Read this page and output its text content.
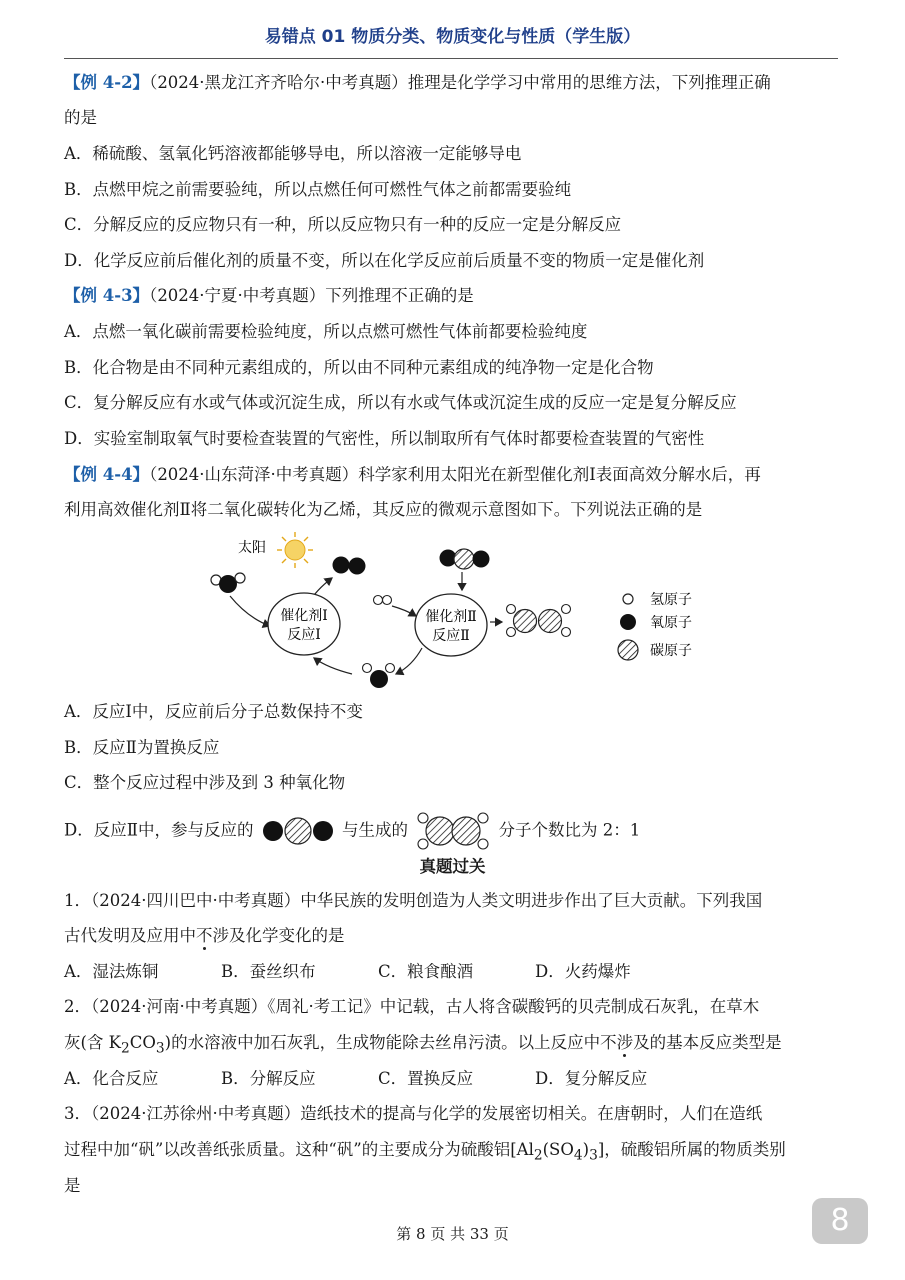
易错点 01 物质分类、物质变化与性质（学生版）
【例 4-2】（2024·黑龙江齐齐哈尔·中考真题）推理是化学学习中常用的思维方法，下列推理正确
的是
A．稀硫酸、氢氧化钙溶液都能够导电，所以溶液一定能够导电
B．点燃甲烷之前需要验纯，所以点燃任何可燃性气体之前都需要验纯
C．分解反应的反应物只有一种，所以反应物只有一种的反应一定是分解反应
D．化学反应前后催化剂的质量不变，所以在化学反应前后质量不变的物质一定是催化剂
【例 4-3】（2024·宁夏·中考真题）下列推理不正确的是
A．点燃一氧化碳前需要检验纯度，所以点燃可燃性气体前都要检验纯度
B．化合物是由不同种元素组成的，所以由不同种元素组成的纯净物一定是化合物
C．复分解反应有水或气体或沉淀生成，所以有水或气体或沉淀生成的反应一定是复分解反应
D．实验室制取氧气时要检查装置的气密性，所以制取所有气体时都要检查装置的气密性
【例 4-4】（2024·山东菏泽·中考真题）科学家利用太阳光在新型催化剂Ⅰ表面高效分解水后，再
利用高效催化剂Ⅱ将二氧化碳转化为乙烯，其反应的微观示意图如下。下列说法正确的是
太阳
催化剂Ⅰ
反应Ⅰ
催化剂Ⅱ
反应Ⅱ
氢原子
氧原子
碳原子
A．反应Ⅰ中，反应前后分子总数保持不变
B．反应Ⅱ为置换反应
C．整个反应过程中涉及到 3 种氧化物
D．反应Ⅱ中，参与反应的	与生成的	分子个数比为 2：1
真题过关
1．（2024·四川巴中·中考真题）中华民族的发明创造为人类文明进步作出了巨大贡献。下列我国
古代发明及应用中不涉及化学变化的是
A．湿法炼铜	B．蚕丝织布	C．粮食酿酒	D．火药爆炸
2．（2024·河南·中考真题）《周礼·考工记》中记载，古人将含碳酸钙的贝壳制成石灰乳，在草木
灰(含 $K_2CO_3$)的水溶液中加石灰乳，生成物能除去丝帛污渍。以上反应中不涉及的基本反应类型是
A．化合反应	B．分解反应	C．置换反应	D．复分解反应
3．（2024·江苏徐州·中考真题）造纸技术的提高与化学的发展密切相关。在唐朝时，人们在造纸
过程中加“矾”以改善纸张质量。这种“矾”的主要成分为硫酸铝$[Al_2(SO_4)_3]$，硫酸铝所属的物质类别
是
第 8 页 共 33 页	8
